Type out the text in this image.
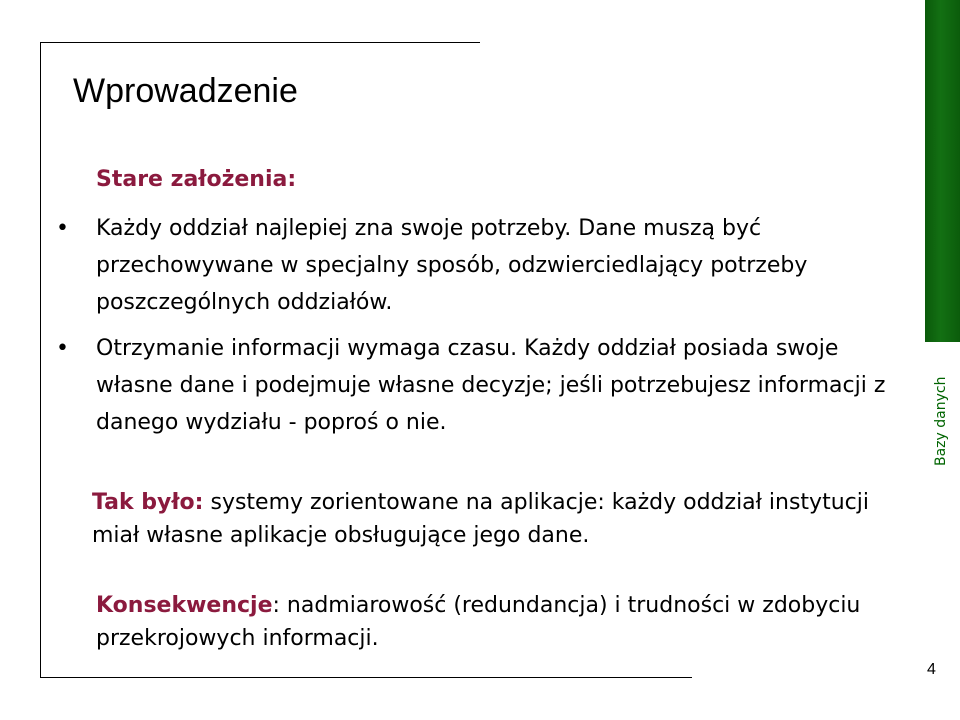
Bazy danych
Wprowadzenie
Stare założenia:
• Każdy oddział najlepiej zna swoje potrzeby. Dane muszą być przechowywane w specjalny sposób, odzwierciedlający potrzeby poszczególnych oddziałów.
• Otrzymanie informacji wymaga czasu. Każdy oddział posiada swoje własne dane i podejmuje własne decyzje; jeśli potrzebujesz informacji z danego wydziału - poproś o nie.
Tak było: systemy zorientowane na aplikacje: każdy oddział instytucji miał własne aplikacje obsługujące jego dane.
Konsekwencje: nadmiarowość (redundancja) i trudności w zdobyciu przekrojowych informacji.
4
